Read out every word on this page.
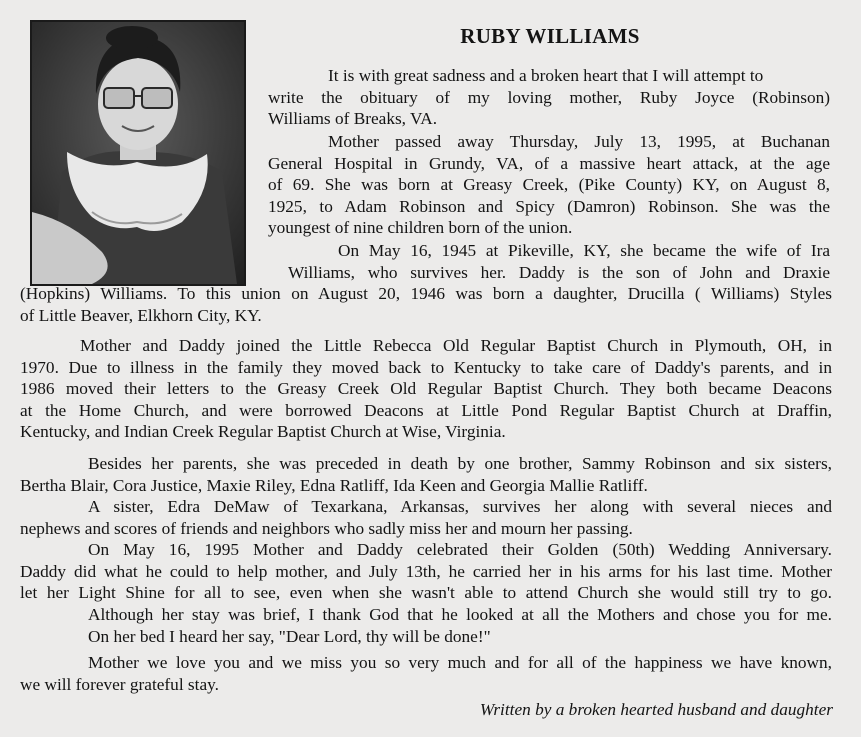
RUBY WILLIAMS
It is with great sadness and a broken heart that I will attempt to
write the obituary of my loving mother, Ruby Joyce (Robinson)
Williams of Breaks, VA.
Mother passed away Thursday, July 13, 1995, at Buchanan
General Hospital in Grundy, VA, of a massive heart attack, at the age
of 69. She was born at Greasy Creek, (Pike County) KY, on August 8,
1925, to Adam Robinson and Spicy (Damron) Robinson. She was the
youngest of nine children born of the union.
On May 16, 1945 at Pikeville, KY, she became the wife of Ira
Williams, who survives her. Daddy is the son of John and Draxie
(Hopkins) Williams. To this union on August 20, 1946 was born a daughter, Drucilla ( Williams) Styles
of Little Beaver, Elkhorn City, KY.
Mother and Daddy joined the Little Rebecca Old Regular Baptist Church in Plymouth, OH, in
1970. Due to illness in the family they moved back to Kentucky to take care of Daddy's parents, and in
1986 moved their letters to the Greasy Creek Old Regular Baptist Church. They both became Deacons
at the Home Church, and were borrowed Deacons at Little Pond Regular Baptist Church at Draffin,
Kentucky, and Indian Creek Regular Baptist Church at Wise, Virginia.
Besides her parents, she was preceded in death by one brother, Sammy Robinson and six sisters,
Bertha Blair, Cora Justice, Maxie Riley, Edna Ratliff, Ida Keen and Georgia Mallie Ratliff.
A sister, Edra DeMaw of Texarkana, Arkansas, survives her along with several nieces and
nephews and scores of friends and neighbors who sadly miss her and mourn her passing.
On May 16, 1995 Mother and Daddy celebrated their Golden (50th) Wedding Anniversary.
Daddy did what he could to help mother, and July 13th, he carried her in his arms for his last time. Mother
let her Light Shine for all to see, even when she wasn't able to attend Church she would still try to go.
Although her stay was brief, I thank God that he looked at all the Mothers and chose you for me.
On her bed I heard her say, "Dear Lord, thy will be done!"
Mother we love you and we miss you so very much and for all of the happiness we have known,
we will forever grateful stay.
Written by a broken hearted husband and daughter
